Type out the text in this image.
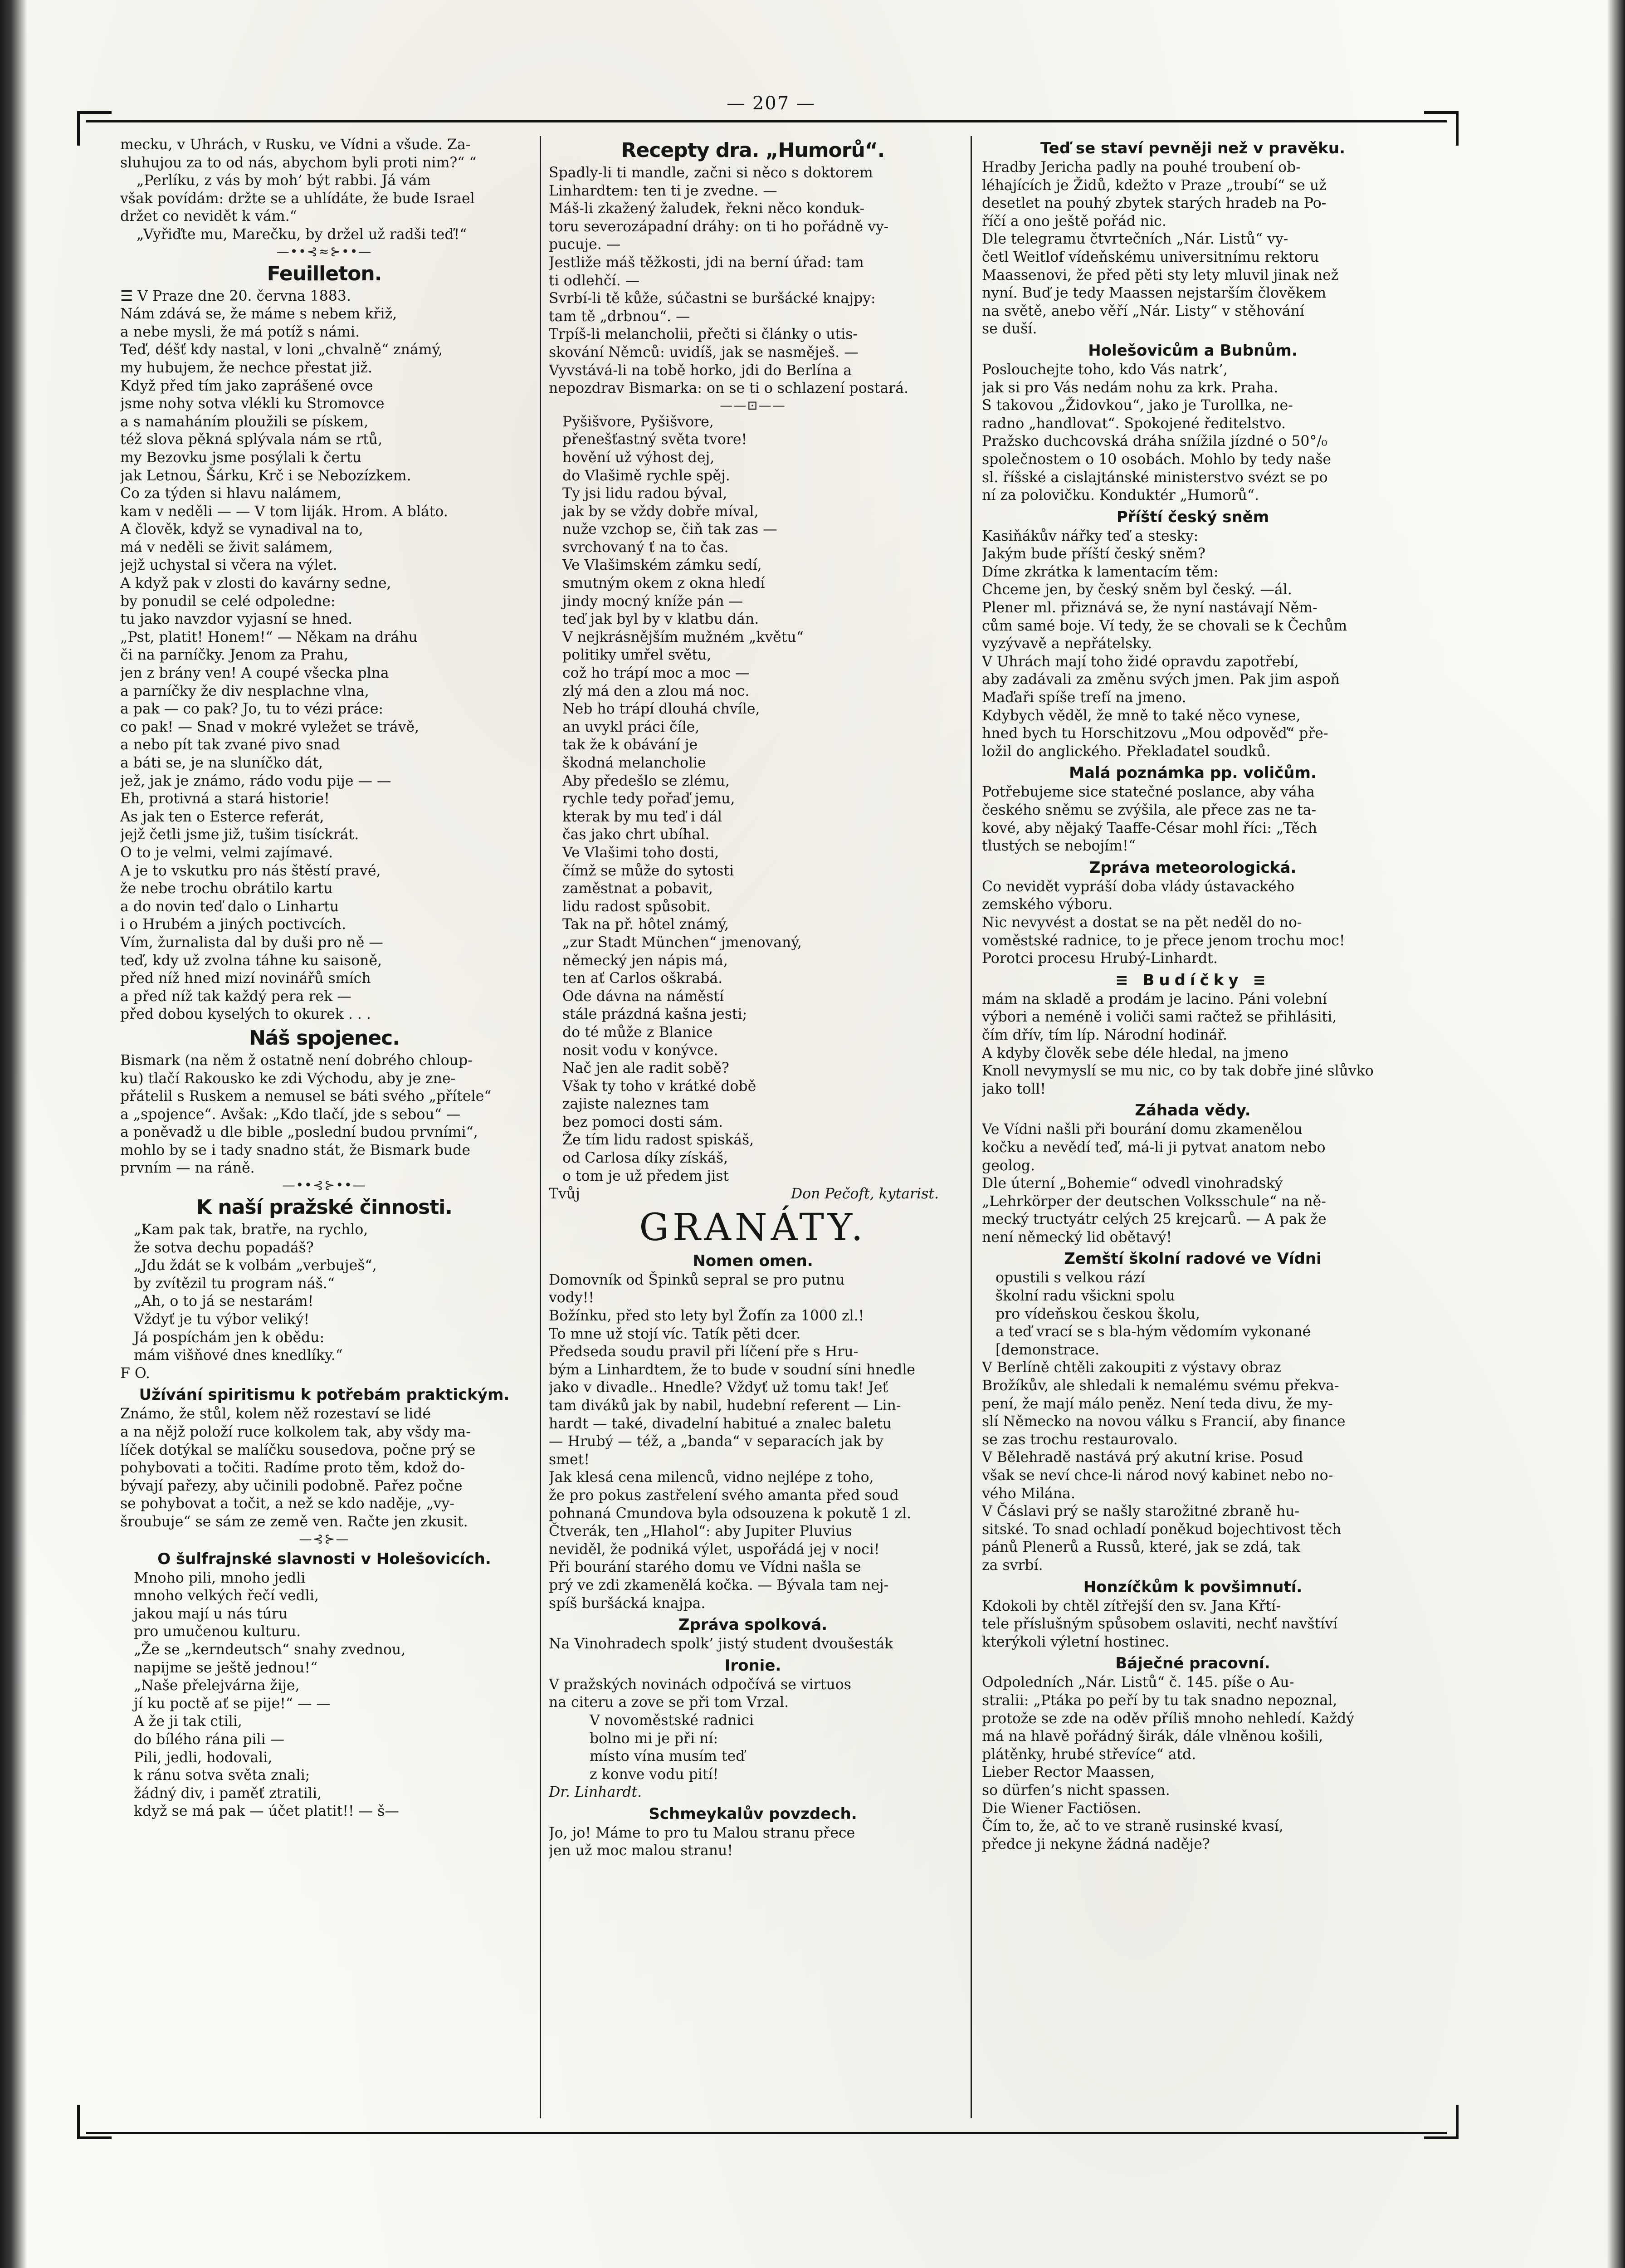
— 207 —

mecku, v Uhrách, v Rusku, ve Vídni a všude. Za-

sluhujou za to od nás, abychom byli proti nim?“ “

„Perlíku, z vás by moh’ být rabbi. Já vám

však povídám: držte se a uhlídáte, že bude Israel

držet co nevidět k vám.“

„Vyřiďte mu, Marečku, by držel už radši teď!“

—••⊰≈⊱••—
Feuilleton.

☰ V Praze dne 20. června 1883.

Nám zdává se, že máme s nebem křiž,

a nebe mysli, že má potíž s námi.

Teď, déšť kdy nastal, v loni „chvalně“ známý,

my hubujem, že nechce přestat již.

Když před tím jako zaprášené ovce

jsme nohy sotva vlékli ku Stromovce

a s namaháním ploužili se pískem,

též slova pěkná splývala nám se rtů,

my Bezovku jsme posýlali k čertu

jak Letnou, Šárku, Krč i se Nebozízkem.

Co za týden si hlavu nalámem,

kam v neděli — — V tom liják. Hrom. A bláto.

A člověk, když se vynadival na to,

má v neděli se živit salámem,

jejž uchystal si včera na výlet.

A když pak v zlosti do kavárny sedne,

by ponudil se celé odpoledne:

tu jako navzdor vyjasní se hned.

„Pst, platit! Honem!“ — Někam na dráhu

či na parníčky. Jenom za Prahu,

jen z brány ven! A coupé všecka plna

a parníčky že div nesplachne vlna,

a pak — co pak? Jo, tu to vézi práce:

co pak! — Snad v mokré vyležet se trávě,

a nebo pít tak zvané pivo snad

a báti se, je na sluníčko dát,

jež, jak je známo, rádo vodu pije — —

Eh, protivná a stará historie!

As jak ten o Esterce referát,

jejž četli jsme již, tušim tisíckrát.

O to je velmi, velmi zajímavé.

A je to vskutku pro nás štěstí pravé,

že nebe trochu obrátilo kartu

a do novin teď dalo o Linhartu

i o Hrubém a jiných poctivcích.

Vím, žurnalista dal by duši pro ně —

teď, kdy už zvolna táhne ku saisoně,

před níž hned mizí novinářů smích

a před níž tak každý pera rek —

před dobou kyselých to okurek . . .

Náš spojenec.

Bismark (na něm ž ostatně není dobrého chloup-

ku) tlačí Rakousko ke zdi Východu, aby je zne-

přátelil s Ruskem a nemusel se báti svého „přítele“

a „spojence“. Avšak: „Kdo tlačí, jde s sebou“ —

a poněvadž u dle bible „poslední budou prvními“,

mohlo by se i tady snadno stát, že Bismark bude

prvním — na ráně.

—••⊰⊱••—
K naší pražské činnosti.

„Kam pak tak, bratře, na rychlo,

že sotva dechu popadáš?

„Jdu ždát se k volbám „verbuješ“,

by zvítězil tu program náš.“

„Ah, o to já se nestarám!

Vždyť je tu výbor veliký!

Já pospíchám jen k obědu:

mám višňové dnes knedlíky.“

F O.

Užívání spiritismu k potřebám praktickým.

Známo, že stůl, kolem něž rozestaví se lidé

a na nějž položí ruce kolkolem tak, aby všdy ma-

líček dotýkal se malíčku sousedova, počne prý se

pohybovati a točiti. Radíme proto těm, kdož do-

bývají pařezy, aby učinili podobně. Pařez počne

se pohybovat a točit, a než se kdo naděje, „vy-

šroubuje“ se sám ze země ven. Račte jen zkusit.

—⊰⊱—
O šulfrajnské slavnosti v Holešovicích.

Mnoho pili, mnoho jedli

mnoho velkých řečí vedli,

jakou mají u nás túru

pro umučenou kulturu.

„Že se „kerndeutsch“ snahy zvednou,

napijme se ještě jednou!“

„Naše přelejvárna žije,

jí ku poctě ať se pije!“ — —

A že ji tak ctili,

do bílého rána pili —

Pili, jedli, hodovali,

k ránu sotva světa znali;

žádný div, i paměť ztratili,

když se má pak — účet platit!! — š—

Recepty dra. „Humorů“.

Spadly-li ti mandle, začni si něco s doktorem

Linhardtem: ten ti je zvedne. —

Máš-li zkažený žaludek, řekni něco konduk-

toru severozápadní dráhy: on ti ho pořádně vy-

pucuje. —

Jestliže máš těžkosti, jdi na berní úřad: tam

ti odlehčí. —

Svrbí-li tě kůže, súčastni se buršácké knajpy:

tam tě „drbnou“. —

Trpíš-li melancholii, přečti si články o utis-

skování Němců: uvidíš, jak se nasměješ. —

Vyvstává-li na tobě horko, jdi do Berlína a

nepozdrav Bismarka: on se ti o schlazení postará.

——⊡——

Pyšišvore, Pyšišvore,

přenešťastný světa tvore!

hovění už výhost dej,

do Vlašimě rychle spěj.

Ty jsi lidu radou býval,

jak by se vždy dobře míval,

nuže vzchop se, čiň tak zas —

svrchovaný ť na to čas.

Ve Vlašimském zámku sedí,

smutným okem z okna hledí

jindy mocný kníže pán —

teď jak byl by v klatbu dán.

V nejkrásnějším mužném „květu“

politiky umřel světu,

což ho trápí moc a moc —

zlý má den a zlou má noc.

Neb ho trápí dlouhá chvíle,

an uvykl práci číle,

tak že k obávání je

škodná melancholie

Aby předešlo se zlému,

rychle tedy pořaď jemu,

kterak by mu teď i dál

čas jako chrt ubíhal.

Ve Vlašimi toho dosti,

čímž se může do sytosti

zaměstnat a pobavit,

lidu radost spůsobit.

Tak na př. hôtel známý,

„zur Stadt München“ jmenovaný,

německý jen nápis má,

ten ať Carlos oškrabá.

Ode dávna na náměstí

stále prázdná kašna jesti;

do té může z Blanice

nosit vodu v konývce.

Nač jen ale radit sobě?

Však ty toho v krátké době

zajiste naleznes tam

bez pomoci dosti sám.

Že tím lidu radost spiskáš,

od Carlosa díky získáš,

o tom je už předem jist

Tvůj	Don Pečoft, kytarist.
GRANÁTY.
Nomen omen.

Domovník od Špinků sepral se pro putnu

vody!!

Božínku, před sto lety byl Žofín za 1000 zl.!

To mne už stojí víc. Tatík pěti dcer.

Předseda soudu pravil při líčení pře s Hru-

bým a Linhardtem, že to bude v soudní síni hnedle

jako v divadle.. Hnedle? Vždyť už tomu tak! Jeť

tam diváků jak by nabil, hudební referent — Lin-

hardt — také, divadelní habitué a znalec baletu

— Hrubý — též, a „banda“ v separacích jak by

smet!

Jak klesá cena milenců, vidno nejlépe z toho,

že pro pokus zastřelení svého amanta před soud

pohnaná Cmundova byla odsouzena k pokutě 1 zl.

Čtverák, ten „Hlahol“: aby Jupiter Pluvius

neviděl, že podniká výlet, uspořádá jej v noci!

Při bourání starého domu ve Vídni našla se

prý ve zdi zkamenělá kočka. — Bývala tam nej-

spíš buršácká knajpa.

Zpráva spolková.

Na Vinohradech spolk’ jistý student dvoušesták

Ironie.

V pražských novinách odpočívá se virtuos

na citeru a zove se při tom Vrzal.

V novoměstské radnici

bolno mi je při ní:

místo vína musím teď

z konve vodu pití!

Dr. Linhardt.

Schmeykalův povzdech.

Jo, jo! Máme to pro tu Malou stranu přece

jen už moc malou stranu!

Teď se staví pevněji než v pravěku.

Hradby Jericha padly na pouhé troubení ob-

léhajících je Židů, kdežto v Praze „troubí“ se už

desetlet na pouhý zbytek starých hradeb na Po-

říčí a ono ještě pořád nic.

Dle telegramu čtvrtečních „Nár. Listů“ vy-

četl Weitlof vídeňskému universitnímu rektoru

Maassenovi, že před pěti sty lety mluvil jinak než

nyní. Buď je tedy Maassen nejstarším člověkem

na světě, anebo věří „Nár. Listy“ v stěhování

se duší.

Holešovicům a Bubnům.

Poslouchejte toho, kdo Vás natrk’,

jak si pro Vás nedám nohu za krk. Praha.

S takovou „Židovkou“, jako je Turollka, ne-

radno „handlovat“. Spokojené ředitelstvo.

Pražsko duchcovská dráha snížila jízdné o 50°/₀

společnostem o 10 osobách. Mohlo by tedy naše

sl. říšské a cislajtánské ministerstvo svézt se po

ní za polovičku. Konduktér „Humorů“.

Příští český sněm

Kasiňákův nářky teď a stesky:

Jakým bude příští český sněm?

Díme zkrátka k lamentacím těm:

Chceme jen, by český sněm byl český. —ál.

Plener ml. přiznává se, že nyní nastávají Něm-

cům samé boje. Ví tedy, že se chovali se k Čechům

vyzývavě a nepřátelsky.

V Uhrách mají toho židé opravdu zapotřebí,

aby zadávali za změnu svých jmen. Pak jim aspoň

Maďaři spíše trefí na jmeno.

Kdybych věděl, že mně to také něco vynese,

hned bych tu Horschitzovu „Mou odpověď“ pře-

ložil do anglického. Překladatel soudků.

Malá poznámka pp. voličům.

Potřebujeme sice statečné poslance, aby váha

českého sněmu se zvýšila, ale přece zas ne ta-

kové, aby nějaký Taaffe-César mohl říci: „Těch

tlustých se nebojím!“

Zpráva meteorologická.

Co nevidět vypráší doba vlády ústavackého

zemského výboru.

Nic nevyvést a dostat se na pět neděl do no-

voměstské radnice, to je přece jenom trochu moc!

Porotci procesu Hrubý-Linhardt.

≡ Budíčky ≡

mám na skladě a prodám je lacino. Páni volební

výbori a neméně i voliči sami račtež se přihlásiti,

čím dřív, tím líp. Národní hodinář.

A kdyby člověk sebe déle hledal, na jmeno

Knoll nevymyslí se mu nic, co by tak dobře jiné slůvko

jako toll!

Záhada vědy.

Ve Vídni našli při bourání domu zkamenělou

kočku a nevědí teď, má-li ji pytvat anatom nebo

geolog.

Dle úterní „Bohemie“ odvedl vinohradský

„Lehrkörper der deutschen Volksschule“ na ně-

mecký tructyátr celých 25 krejcarů. — A pak že

není německý lid obětavý!

Zemští školní radové ve Vídni

opustili s velkou rází

školní radu všickni spolu

pro vídeňskou českou školu,

a teď vrací se s bla-hým vědomím vykonané

[demonstrace.

V Berlíně chtěli zakoupiti z výstavy obraz

Brožíkův, ale shledali k nemalému svému překva-

pení, že mají málo peněz. Není teda divu, že my-

slí Německo na novou válku s Francií, aby finance

se zas trochu restaurovalo.

V Bělehradě nastává prý akutní krise. Posud

však se neví chce-li národ nový kabinet nebo no-

vého Milána.

V Čáslavi prý se našly starožitné zbraně hu-

sitské. To snad ochladí poněkud bojechtivost těch

pánů Plenerů a Russů, které, jak se zdá, tak

za svrbí.

Honzíčkům k povšimnutí.

Kdokoli by chtěl zítřejší den sv. Jana Křtí-

tele příslušným spůsobem oslaviti, nechť navštíví

kterýkoli výletní hostinec.

Báječné pracovní.

Odpoledních „Nár. Listů“ č. 145. píše o Au-

stralii: „Ptáka po peří by tu tak snadno nepoznal,

protože se zde na oděv příliš mnoho nehledí. Každý

má na hlavě pořádný širák, dále vlněnou košili,

plátěnky, hrubé střevíce“ atd.

Lieber Rector Maassen,

so dürfen’s nicht spassen.

Die Wiener Factiösen.

Čím to, že, ač to ve straně rusinské kvasí,

předce ji nekyne žádná naděje?
